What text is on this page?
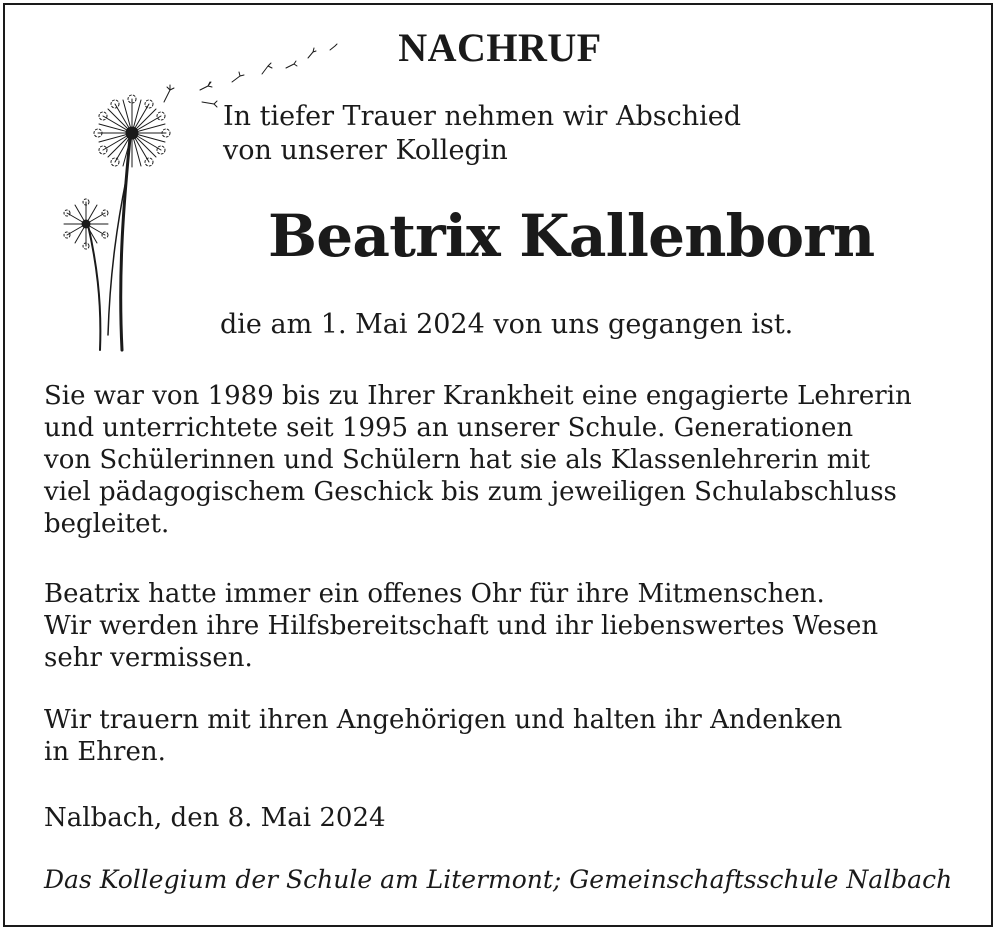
NACHRUF
In tiefer Trauer nehmen wir Abschied
von unserer Kollegin
Beatrix Kallenborn
die am 1. Mai 2024 von uns gegangen ist.
Sie war von 1989 bis zu Ihrer Krankheit eine engagierte Lehrerin
und unterrichtete seit 1995 an unserer Schule. Generationen
von Schülerinnen und Schülern hat sie als Klassenlehrerin mit
viel pädagogischem Geschick bis zum jeweiligen Schulabschluss
begleitet.
Beatrix hatte immer ein offenes Ohr für ihre Mitmenschen.
Wir werden ihre Hilfsbereitschaft und ihr liebenswertes Wesen
sehr vermissen.
Wir trauern mit ihren Angehörigen und halten ihr Andenken
in Ehren.
Nalbach, den 8. Mai 2024
Das Kollegium der Schule am Litermont; Gemeinschaftsschule Nalbach
